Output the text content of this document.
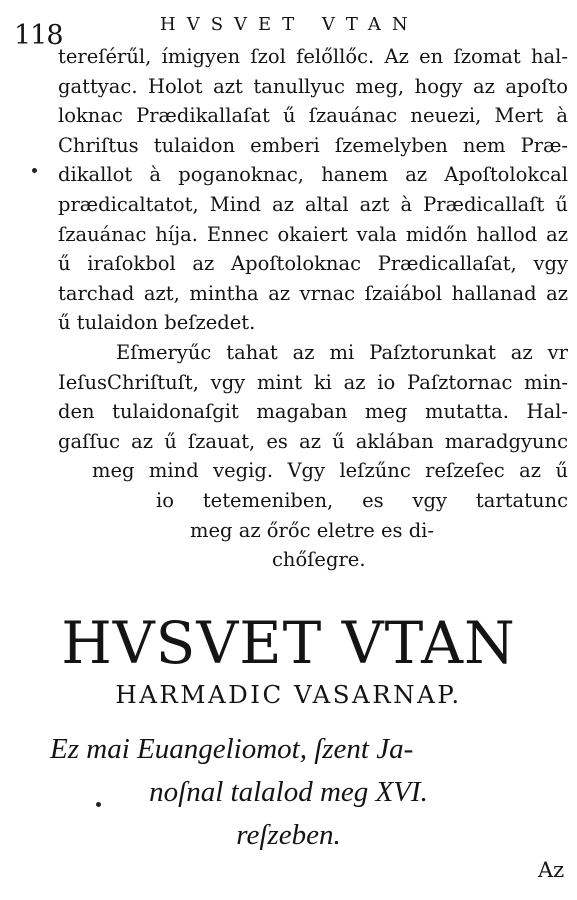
118	HVSVET VTAN
tereſérűl, ímigyen ſzol felőllőc. Az en ſzomat hal-
gattyac. Holot azt tanullyuc meg, hogy az apoſto
loknac Prædikallaſat ű ſzauánac neuezi, Mert à
Chriſtus tulaidon emberi ſzemelyben nem Præ-
dikallot à poganoknac, hanem az Apoſtolokcal
prædicaltatot, Mind az altal azt à Prædicallaſt ű
ſzauánac híja. Ennec okaiert vala midőn hallod az
ű iraſokbol az Apoſtoloknac Prædicallaſat, vgy
tarchad azt, mintha az vrnac ſzaiábol hallanad az
ű tulaidon beſzedet.
Eſmeryűc tahat az mi Paſztorunkat az vr
IeſusChriſtuſt, vgy mint ki az io Paſztornac min-
den tulaidonaſgit magaban meg mutatta. Hal-
gaſſuc az ű ſzauat, es az ű aklában maradgyunc
meg mind vegig. Vgy leſzűnc reſzeſec az ű
io tetemeniben, es vgy tartatunc
meg az őrőc eletre es di-
chőſegre.
HVSVET VTAN
HARMADIC VASARNAP.
Ez mai Euangeliomot, ſzent Ja-
noſnal talalod meg XVI.
reſzeben.
Az
